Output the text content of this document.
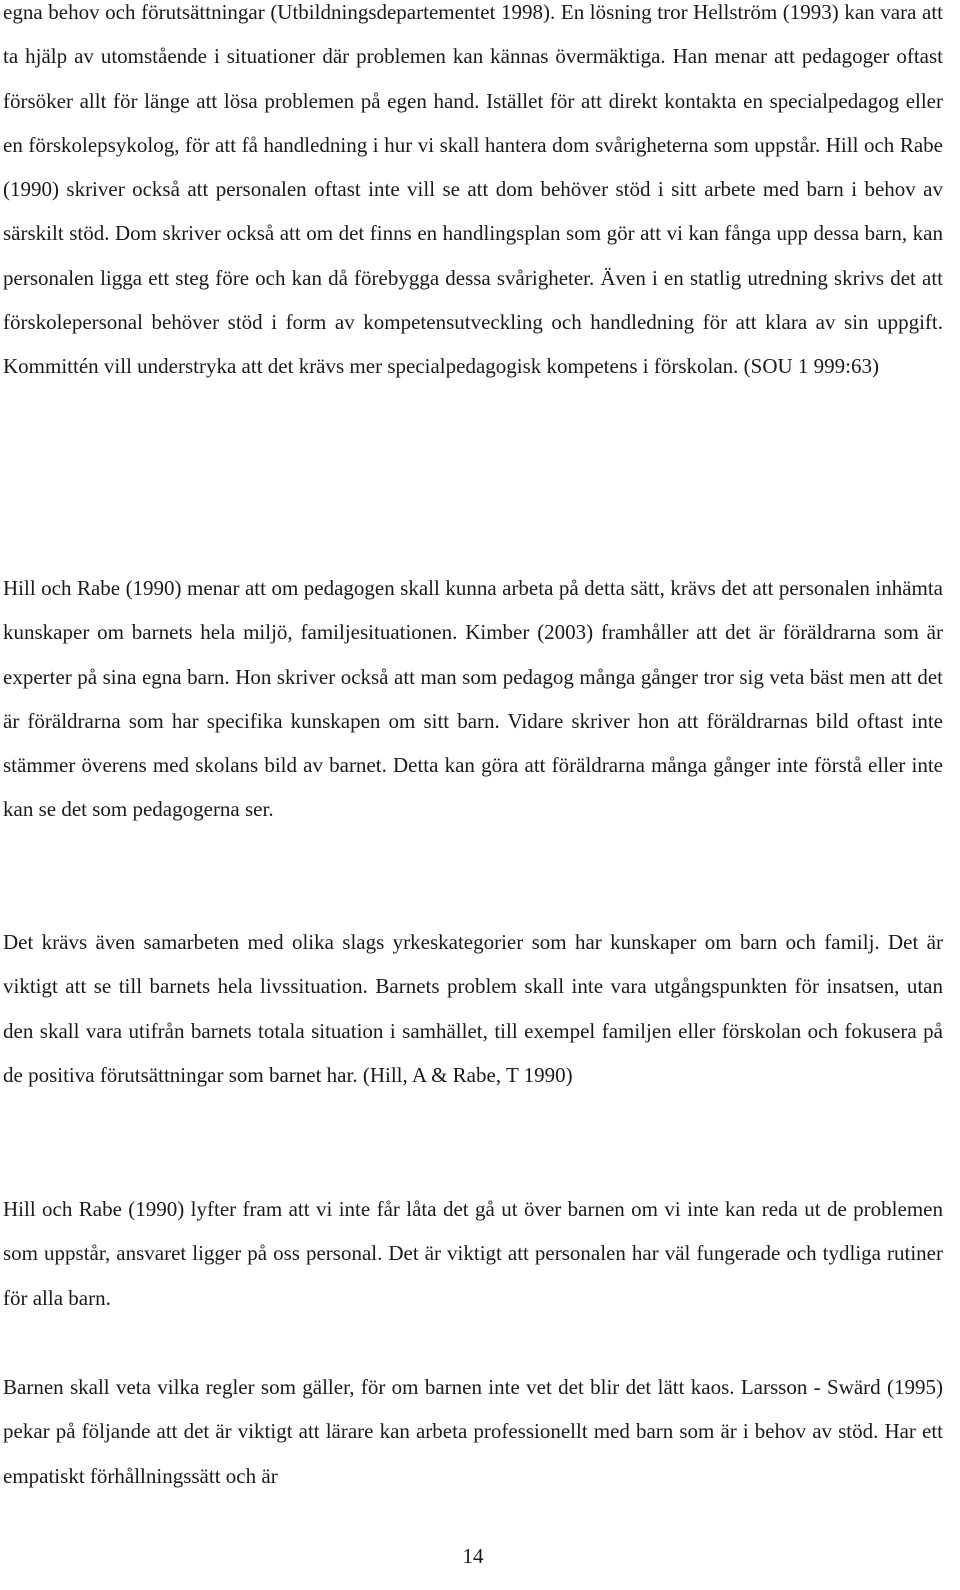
egna behov och förutsättningar (Utbildningsdepartementet 1998). En lösning tror Hellström (1993) kan vara att ta hjälp av utomstående i situationer där problemen kan kännas övermäktiga. Han menar att pedagoger oftast försöker allt för länge att lösa problemen på egen hand. Istället för att direkt kontakta en specialpedagog eller en förskolepsykolog, för att få handledning i hur vi skall hantera dom svårigheterna som uppstår. Hill och Rabe (1990) skriver också att personalen oftast inte vill se att dom behöver stöd i sitt arbete med barn i behov av särskilt stöd. Dom skriver också att om det finns en handlingsplan som gör att vi kan fånga upp dessa barn, kan personalen ligga ett steg före och kan då förebygga dessa svårigheter. Även i en statlig utredning skrivs det att förskolepersonal behöver stöd i form av kompetensutveckling och handledning för att klara av sin uppgift. Kommittén vill understryka att det krävs mer specialpedagogisk kompetens i förskolan. (SOU 1 999:63)

Hill och Rabe (1990) menar att om pedagogen skall kunna arbeta på detta sätt, krävs det att personalen inhämta kunskaper om barnets hela miljö, familjesituationen. Kimber (2003) framhåller att det är föräldrarna som är experter på sina egna barn. Hon skriver också att man som pedagog många gånger tror sig veta bäst men att det är föräldrarna som har specifika kunskapen om sitt barn. Vidare skriver hon att föräldrarnas bild oftast inte stämmer överens med skolans bild av barnet. Detta kan göra att föräldrarna många gånger inte förstå eller inte kan se det som pedagogerna ser.

Det krävs även samarbeten med olika slags yrkeskategorier som har kunskaper om barn och familj. Det är viktigt att se till barnets hela livssituation. Barnets problem skall inte vara utgångspunkten för insatsen, utan den skall vara utifrån barnets totala situation i samhället, till exempel familjen eller förskolan och fokusera på de positiva förutsättningar som barnet har. (Hill, A & Rabe, T 1990)

Hill och Rabe (1990) lyfter fram att vi inte får låta det gå ut över barnen om vi inte kan reda ut de problemen som uppstår, ansvaret ligger på oss personal. Det är viktigt att personalen har väl fungerade och tydliga rutiner för alla barn.

Barnen skall veta vilka regler som gäller, för om barnen inte vet det blir det lätt kaos. Larsson - Swärd (1995) pekar på följande att det är viktigt att lärare kan arbeta professionellt med barn som är i behov av stöd. Har ett empatiskt förhållningssätt och är

14
